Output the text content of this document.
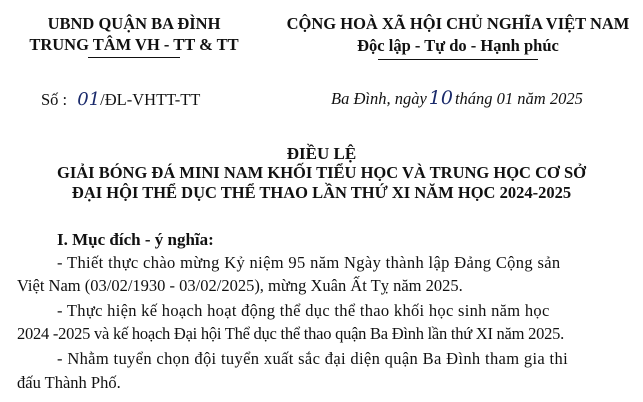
UBND QUẬN BA ĐÌNH
TRUNG TÂM VH - TT & TT
CỘNG HOÀ XÃ HỘI CHỦ NGHĨA VIỆT NAM
Độc lập - Tự do - Hạnh phúc
Số : 01/ĐL-VHTT-TT	Ba Đình, ngày 10 tháng 01 năm 2025
ĐIỀU LỆ
GIẢI BÓNG ĐÁ MINI NAM KHỐI TIỂU HỌC VÀ TRUNG HỌC CƠ SỞ
ĐẠI HỘI THỂ DỤC THỂ THAO LẦN THỨ XI NĂM HỌC 2024-2025
I. Mục đích - ý nghĩa:
- Thiết thực chào mừng Kỷ niệm 95 năm Ngày thành lập Đảng Cộng sản
Việt Nam (03/02/1930 - 03/02/2025), mừng Xuân Ất Tỵ năm 2025.
- Thực hiện kế hoạch hoạt động thể dục thể thao khối học sinh năm học
2024 -2025 và kế hoạch Đại hội Thể dục thể thao quận Ba Đình lần thứ XI năm 2025.
- Nhằm tuyển chọn đội tuyển xuất sắc đại diện quận Ba Đình tham gia thi
đấu Thành Phố.
